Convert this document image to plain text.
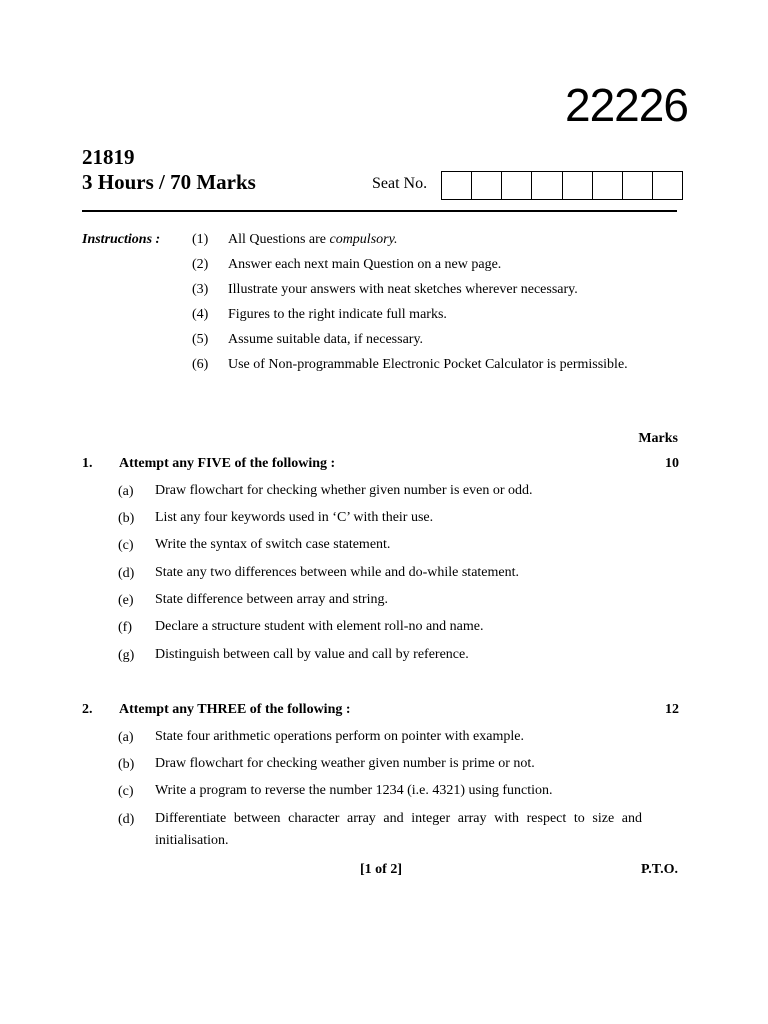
22226
21819
3 Hours / 70 Marks	Seat No.
Instructions : (1)	All Questions are compulsory.
(2)	Answer each next main Question on a new page.
(3)	Illustrate your answers with neat sketches wherever necessary.
(4)	Figures to the right indicate full marks.
(5)	Assume suitable data, if necessary.
(6)	Use of Non-programmable Electronic Pocket Calculator is permissible.
Marks
1.	Attempt any FIVE of the following :	10
(a)	Draw flowchart for checking whether given number is even or odd.
(b)	List any four keywords used in ‘C’ with their use.
(c)	Write the syntax of switch case statement.
(d)	State any two differences between while and do-while statement.
(e)	State difference between array and string.
(f)	Declare a structure student with element roll-no and name.
(g)	Distinguish between call by value and call by reference.
2.	Attempt any THREE of the following :	12
(a)	State four arithmetic operations perform on pointer with example.
(b)	Draw flowchart for checking weather given number is prime or not.
(c)	Write a program to reverse the number 1234 (i.e. 4321) using function.
(d)	Differentiate between character array and integer array with respect to size and initialisation.
[1 of 2]	P.T.O.
